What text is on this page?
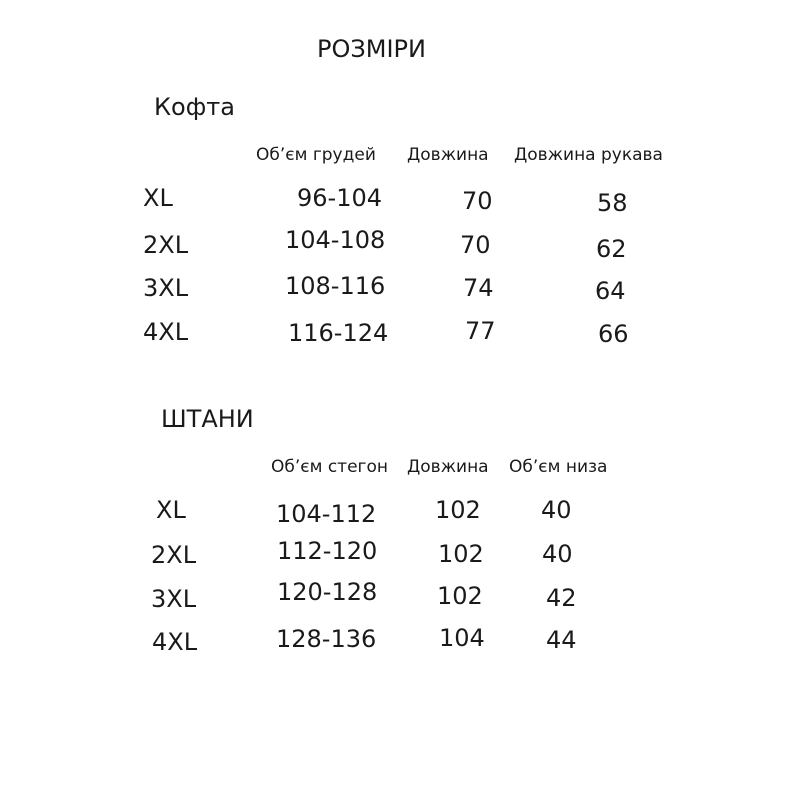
РОЗМІРИ
Кофта
Об’єм грудей Довжина Довжина рукава
XL	96-104	70	58
2XL	104-108	70	62
3XL	108-116	74	64
4XL	116-124	77	66
ШТАНИ
Об’єм стегон Довжина Об’єм низа
XL	104-112 102	40
2XL	112-120	102 40
3XL	120-128 102	42
4XL	128-136	104	44
